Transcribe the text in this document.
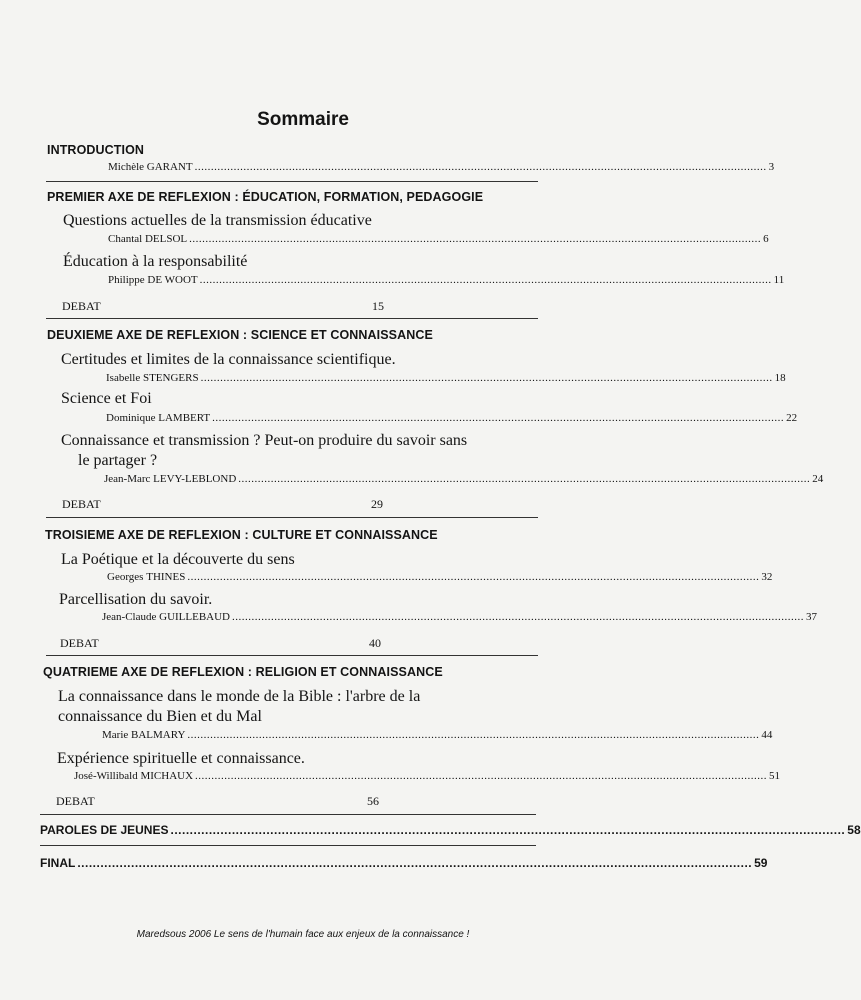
Sommaire
INTRODUCTION
Michèle GARANT ................................................................................................................................................................................ 3
PREMIER AXE DE REFLEXION : ÉDUCATION, FORMATION, PEDAGOGIE
Questions actuelles de la transmission éducative
Chantal DELSOL ................................................................................................................................................................................ 6
Éducation à la responsabilité
Philippe DE WOOT ................................................................................................................................................................................ 11
DEBAT	15
DEUXIEME AXE DE REFLEXION : SCIENCE ET CONNAISSANCE
Certitudes et limites de la connaissance scientifique.
Isabelle STENGERS ................................................................................................................................................................................ 18
Science et Foi
Dominique LAMBERT ................................................................................................................................................................................ 22
Connaissance et transmission ? Peut-on produire du savoir sans
le partager ?
Jean-Marc LEVY-LEBLOND ................................................................................................................................................................................ 24
DEBAT	29
TROISIEME AXE DE REFLEXION : CULTURE ET CONNAISSANCE
La Poétique et la découverte du sens
Georges THINES ................................................................................................................................................................................ 32
Parcellisation du savoir.
Jean-Claude GUILLEBAUD ................................................................................................................................................................................ 37
DEBAT	40
QUATRIEME AXE DE REFLEXION : RELIGION ET CONNAISSANCE
La connaissance dans le monde de la Bible : l'arbre de la
connaissance du Bien et du Mal
Marie BALMARY ................................................................................................................................................................................ 44
Expérience spirituelle et connaissance.
José-Willibald MICHAUX ................................................................................................................................................................................ 51
DEBAT	56
PAROLES DE JEUNES ................................................................................................................................................................................ 58
FINAL ................................................................................................................................................................................ 59
Maredsous 2006 Le sens de l'humain face aux enjeux de la connaissance !
